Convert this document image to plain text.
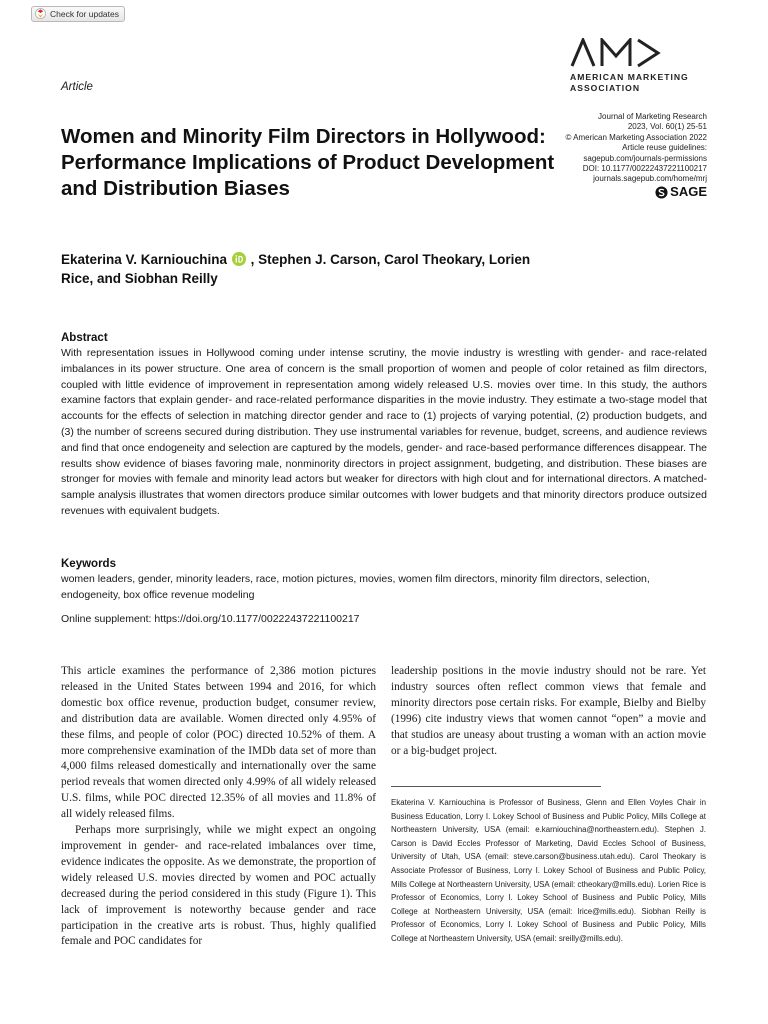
Check for updates
Article
AMERICAN MARKETING
ASSOCIATION
Journal of Marketing Research
2023, Vol. 60(1) 25-51
© American Marketing Association 2022
Article reuse guidelines:
sagepub.com/journals-permissions
DOI: 10.1177/00222437221100217
journals.sagepub.com/home/mrj
SAGE
Women and Minority Film Directors in Hollywood: Performance Implications of Product Development and Distribution Biases
Ekaterina V. Karniouchina , Stephen J. Carson, Carol Theokary, Lorien Rice, and Siobhan Reilly
Abstract

With representation issues in Hollywood coming under intense scrutiny, the movie industry is wrestling with gender- and race-related imbalances in its power structure. One area of concern is the small proportion of women and people of color retained as film directors, coupled with little evidence of improvement in representation among widely released U.S. movies over time. In this study, the authors examine factors that explain gender- and race-related performance disparities in the movie industry. They estimate a two-stage model that accounts for the effects of selection in matching director gender and race to (1) projects of varying potential, (2) production budgets, and (3) the number of screens secured during distribution. They use instrumental variables for revenue, budget, screens, and audience reviews and find that once endogeneity and selection are captured by the models, gender- and race-based performance differences disappear. The results show evidence of biases favoring male, nonminority directors in project assignment, budgeting, and distribution. These biases are stronger for movies with female and minority lead actors but weaker for directors with high clout and for international directors. A matched-sample analysis illustrates that women directors produce similar outcomes with lower budgets and that minority directors produce outsized revenues with equivalent budgets.

Keywords

women leaders, gender, minority leaders, race, motion pictures, movies, women film directors, minority film directors, selection, endogeneity, box office revenue modeling

Online supplement: https://doi.org/10.1177/00222437221100217

This article examines the performance of 2,386 motion pictures released in the United States between 1994 and 2016, for which domestic box office revenue, production budget, consumer review, and distribution data are available. Women directed only 4.95% of these films, and people of color (POC) directed 10.52% of them. A more comprehensive examination of the IMDb data set of more than 4,000 films released domestically and internationally over the same period reveals that women directed only 4.99% of all widely released U.S. films, while POC directed 12.35% of all movies and 11.8% of all widely released films.

Perhaps more surprisingly, while we might expect an ongoing improvement in gender- and race-related imbalances over time, evidence indicates the opposite. As we demonstrate, the proportion of widely released U.S. movies directed by women and POC actually decreased during the period considered in this study (Figure 1). This lack of improvement is noteworthy because gender and race participation in the creative arts is robust. Thus, highly qualified female and POC candidates for

leadership positions in the movie industry should not be rare. Yet industry sources often reflect common views that female and minority directors pose certain risks. For example, Bielby and Bielby (1996) cite industry views that women cannot “open” a movie and that studios are uneasy about trusting a woman with an action movie or a big-budget project.

Ekaterina V. Karniouchina is Professor of Business, Glenn and Ellen Voyles Chair in Business Education, Lorry I. Lokey School of Business and Public Policy, Mills College at Northeastern University, USA (email: e.karniouchina@northeastern.edu). Stephen J. Carson is David Eccles Professor of Marketing, David Eccles School of Business, University of Utah, USA (email: steve.carson@business.utah.edu). Carol Theokary is Associate Professor of Business, Lorry I. Lokey School of Business and Public Policy, Mills College at Northeastern University, USA (email: ctheokary@mills.edu). Lorien Rice is Professor of Economics, Lorry I. Lokey School of Business and Public Policy, Mills College at Northeastern University, USA (email: lrice@mills.edu). Siobhan Reilly is Professor of Economics, Lorry I. Lokey School of Business and Public Policy, Mills College at Northeastern University, USA (email: sreilly@mills.edu).
